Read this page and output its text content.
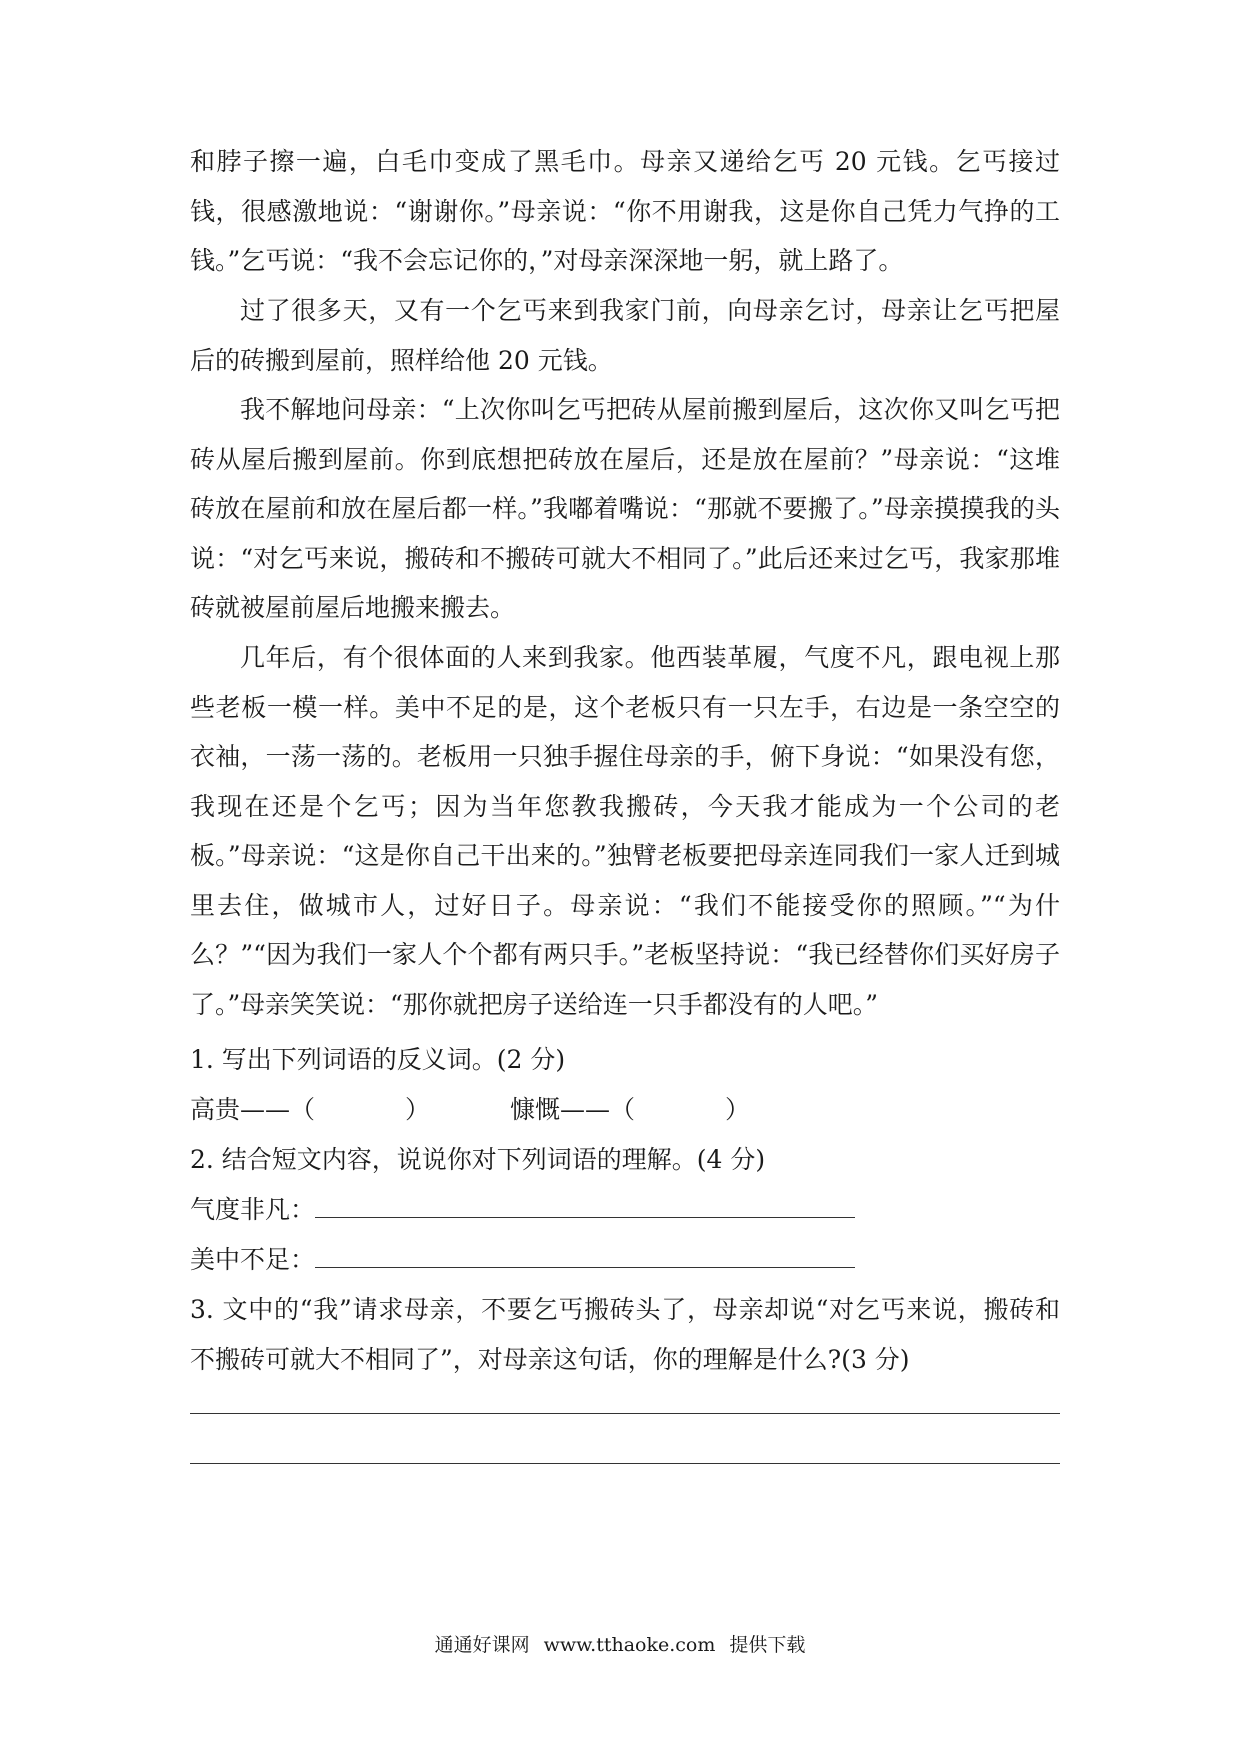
和脖子擦一遍，白毛巾变成了黑毛巾。母亲又递给乞丐 20 元钱。乞丐接过钱，很感激地说：“谢谢你。”母亲说：“你不用谢我，这是你自己凭力气挣的工钱。”乞丐说：“我不会忘记你的，”对母亲深深地一躬，就上路了。

过了很多天，又有一个乞丐来到我家门前，向母亲乞讨，母亲让乞丐把屋后的砖搬到屋前，照样给他 20 元钱。

我不解地问母亲：“上次你叫乞丐把砖从屋前搬到屋后，这次你又叫乞丐把砖从屋后搬到屋前。你到底想把砖放在屋后，还是放在屋前？”母亲说：“这堆砖放在屋前和放在屋后都一样。”我嘟着嘴说：“那就不要搬了。”母亲摸摸我的头说：“对乞丐来说，搬砖和不搬砖可就大不相同了。”此后还来过乞丐，我家那堆砖就被屋前屋后地搬来搬去。

几年后，有个很体面的人来到我家。他西装革履，气度不凡，跟电视上那些老板一模一样。美中不足的是，这个老板只有一只左手，右边是一条空空的衣袖，一荡一荡的。老板用一只独手握住母亲的手，俯下身说：“如果没有您，我现在还是个乞丐；因为当年您教我搬砖，今天我才能成为一个公司的老板。”母亲说：“这是你自己干出来的。”独臂老板要把母亲连同我们一家人迁到城里去住，做城市人，过好日子。母亲说：“我们不能接受你的照顾。”“为什么？”“因为我们一家人个个都有两只手。”老板坚持说：“我已经替你们买好房子了。” 母亲笑笑说：“那你就把房子送给连一只手都没有的人吧。”

1. 写出下列词语的反义词。(2 分)
高贵——（	）	慷慨——（	）
2. 结合短文内容，说说你对下列词语的理解。(4 分)
气度非凡：
美中不足：

3. 文中的“我”请求母亲，不要乞丐搬砖头了，母亲却说“对乞丐来说，搬砖和不搬砖可就大不相同了”，对母亲这句话，你的理解是什么?(3 分)

通通好课网 www.tthaoke.com 提供下载
